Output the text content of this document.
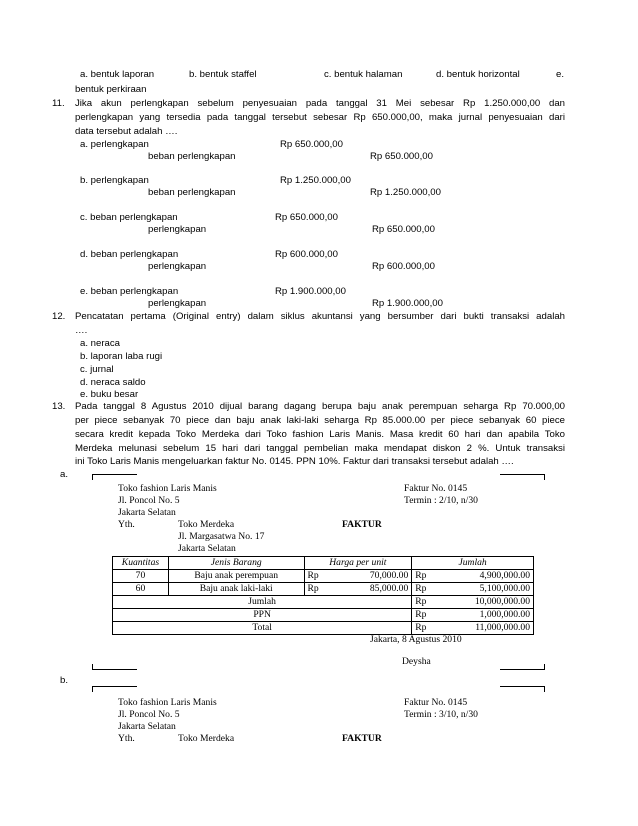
a. bentuk laporan	b. bentuk staffel	c. bentuk halaman	d. bentuk horizontal	e.
bentuk perkiraan
11. Jika akun perlengkapan sebelum penyesuaian pada tanggal 31 Mei sebesar Rp 1.250.000,00 dan
perlengkapan yang tersedia pada tanggal tersebut sebesar Rp 650.000,00, maka jurnal penyesuaian dari
data tersebut adalah ….
a. perlengkapan	Rp 650.000,00
beban perlengkapan	Rp 650.000,00
b. perlengkapan	Rp 1.250.000,00
beban perlengkapan	Rp 1.250.000,00
c. beban perlengkapan	Rp 650.000,00
perlengkapan	Rp 650.000,00
d. beban perlengkapan	Rp 600.000,00
perlengkapan	Rp 600.000,00
e. beban perlengkapan	Rp 1.900.000,00
perlengkapan	Rp 1.900.000,00
12. Pencatatan pertama (Original entry) dalam siklus akuntansi yang bersumber dari bukti transaksi adalah
….
a. neraca
b. laporan laba rugi
c. jurnal
d. neraca saldo
e. buku besar
13. Pada tanggal 8 Agustus 2010 dijual barang dagang berupa baju anak perempuan seharga Rp 70.000,00
per piece sebanyak 70 piece dan baju anak laki-laki seharga Rp 85.000.00 per piece sebanyak 60 piece
secara kredit kepada Toko Merdeka dari Toko fashion Laris Manis. Masa kredit 60 hari dan apabila Toko
Merdeka melunasi sebelum 15 hari dari tanggal pembelian maka mendapat diskon 2 %. Untuk transaksi
ini Toko Laris Manis mengeluarkan faktur No. 0145. PPN 10%. Faktur dari transaksi tersebut adalah ….
a.
Toko fashion Laris Manis
Jl. Poncol No. 5
Jakarta Selatan
Faktur No. 0145
Termin : 2/10, n/30
Yth.	Toko Merdeka
Jl. Margasatwa No. 17
Jakarta Selatan
FAKTUR
Kuantitas	Jenis Barang	Harga per unit	Jumlah
70	Baju anak perempuan	Rp 70,000.00	Rp 4,900,000.00

60	Baju anak laki-laki	Rp 85,000.00	Rp 5,100,000.00

Jumlah			Rp 10,000,000.00

PPN			Rp 1,000,000.00

Total			Rp 11,000,000.00
Jakarta, 8 Agustus 2010
Deysha
b.
Toko fashion Laris Manis
Jl. Poncol No. 5
Jakarta Selatan
Faktur No. 0145
Termin : 3/10, n/30
Yth.	Toko Merdeka	FAKTUR
